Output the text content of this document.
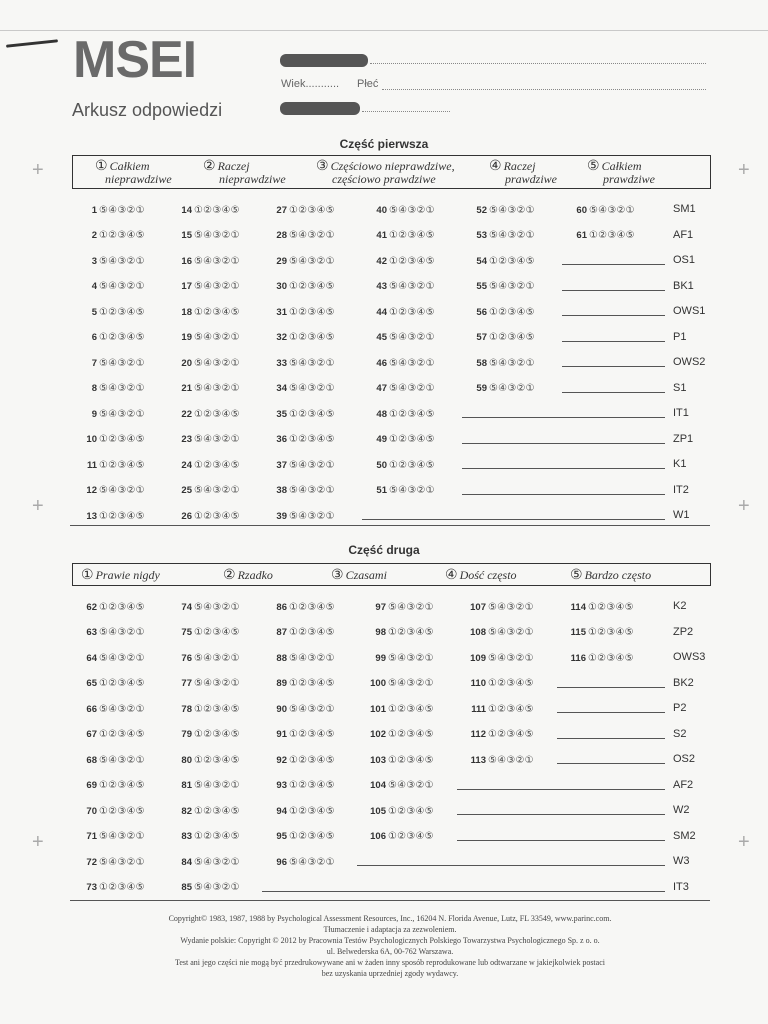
MSEI
Arkusz odpowiedzi
Wiek........... Płeć
Część pierwsza
① Całkiem
nieprawdziwe
② Raczej
nieprawdziwe
③ Częściowo nieprawdziwe,
częściowo prawdziwe
④ Raczej
prawdziwe
⑤ Całkiem
prawdziwe
1 ⑤④③②①	14 ①②③④⑤	27 ①②③④⑤	40 ⑤④③②①	52 ⑤④③②①	60 ⑤④③②①	SM1
2 ①②③④⑤	15 ⑤④③②①	28 ⑤④③②①	41 ①②③④⑤	53 ⑤④③②①	61 ①②③④⑤	AF1
3 ⑤④③②①	16 ⑤④③②①	29 ⑤④③②①	42 ①②③④⑤	54 ①②③④⑤	OS1
4 ⑤④③②①	17 ⑤④③②①	30 ①②③④⑤	43 ⑤④③②①	55 ⑤④③②①	BK1
5 ①②③④⑤	18 ①②③④⑤	31 ①②③④⑤	44 ①②③④⑤	56 ①②③④⑤	OWS1
6 ①②③④⑤	19 ⑤④③②①	32 ①②③④⑤	45 ⑤④③②①	57 ①②③④⑤	P1
7 ⑤④③②①	20 ⑤④③②①	33 ⑤④③②①	46 ⑤④③②①	58 ⑤④③②①	OWS2
8 ⑤④③②①	21 ⑤④③②①	34 ⑤④③②①	47 ⑤④③②①	59 ⑤④③②①	S1
9 ⑤④③②①	22 ①②③④⑤	35 ①②③④⑤	48 ①②③④⑤	IT1
10 ①②③④⑤	23 ⑤④③②①	36 ①②③④⑤	49 ①②③④⑤	ZP1
11 ①②③④⑤	24 ①②③④⑤	37 ⑤④③②①	50 ①②③④⑤	K1
12 ⑤④③②①	25 ⑤④③②①	38 ⑤④③②①	51 ⑤④③②①	IT2
13 ①②③④⑤	26 ①②③④⑤	39 ⑤④③②①	W1
Część druga
① Prawie nigdy	② Rzadko	③ Czasami	④ Dość często	⑤ Bardzo często
62 ①②③④⑤	74 ⑤④③②①	86 ①②③④⑤	97 ⑤④③②①	107 ⑤④③②①	114 ①②③④⑤	K2
63 ⑤④③②①	75 ①②③④⑤	87 ①②③④⑤	98 ①②③④⑤	108 ⑤④③②①	115 ①②③④⑤	ZP2
64 ⑤④③②①	76 ⑤④③②①	88 ⑤④③②①	99 ⑤④③②①	109 ⑤④③②①	116 ①②③④⑤	OWS3
65 ①②③④⑤	77 ⑤④③②①	89 ①②③④⑤	100 ⑤④③②①	110 ①②③④⑤	BK2
66 ⑤④③②①	78 ①②③④⑤	90 ⑤④③②①	101 ①②③④⑤	111 ①②③④⑤	P2
67 ①②③④⑤	79 ①②③④⑤	91 ①②③④⑤	102 ①②③④⑤	112 ①②③④⑤	S2
68 ⑤④③②①	80 ①②③④⑤	92 ①②③④⑤	103 ①②③④⑤	113 ⑤④③②①	OS2
69 ①②③④⑤	81 ⑤④③②①	93 ①②③④⑤	104 ⑤④③②①	AF2
70 ①②③④⑤	82 ①②③④⑤	94 ①②③④⑤	105 ①②③④⑤	W2
71 ⑤④③②①	83 ①②③④⑤	95 ①②③④⑤	106 ①②③④⑤	SM2
72 ⑤④③②①	84 ⑤④③②①	96 ⑤④③②①	W3
73 ①②③④⑤	85 ⑤④③②①	IT3
+	+
+	+
+	+
Copyright© 1983, 1987, 1988 by Psychological Assessment Resources, Inc., 16204 N. Florida Avenue, Lutz, FL 33549, www.parinc.com.
Tłumaczenie i adaptacja za zezwoleniem.
Wydanie polskie: Copyright © 2012 by Pracownia Testów Psychologicznych Polskiego Towarzystwa Psychologicznego Sp. z o. o.
ul. Belwederska 6A, 00-762 Warszawa.
Test ani jego części nie mogą być przedrukowywane ani w żaden inny sposób reprodukowane lub odtwarzane w jakiejkolwiek postaci
bez uzyskania uprzedniej zgody wydawcy.
